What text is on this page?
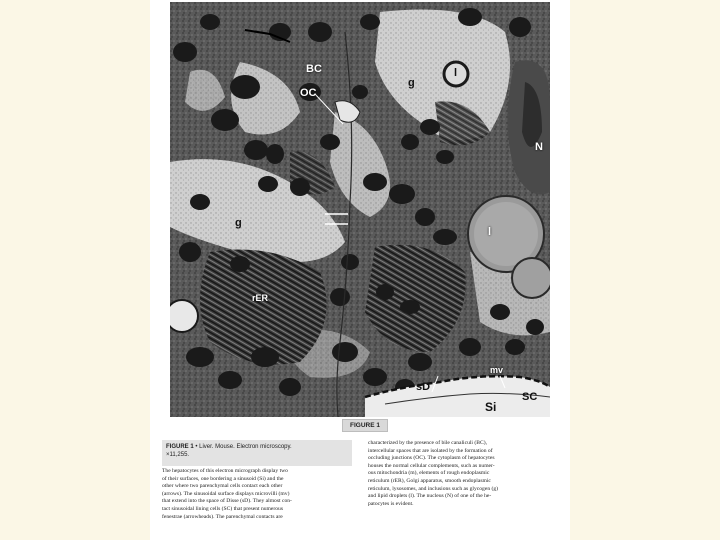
BC
OC
g
l
g
l
rER
N
sD
mv
Si
SC
FIGURE 1
FIGURE 1 • Liver. Mouse. Electron microscopy.
×11,255.
The hepatocytes of this electron micrograph display two
of their surfaces, one bordering a sinusoid (Si) and the
other where two parenchymal cells contact each other
(arrows). The sinusoidal surface displays microvilli (mv)
that extend into the space of Disse (sD). They almost con-
tact sinusoidal lining cells (SC) that present numerous
fenestrae (arrowheads). The parenchymal contacts are
characterized by the presence of bile canaliculi (BC),
intercellular spaces that are isolated by the formation of
occluding junctions (OC). The cytoplasm of hepatocytes
houses the normal cellular complements, such as numer-
ous mitochondria (m), elements of rough endoplasmic
reticulum (rER), Golgi apparatus, smooth endoplasmic
reticulum, lysosomes, and inclusions such as glycogen (g)
and lipid droplets (l). The nucleus (N) of one of the he-
patocytes is evident.
